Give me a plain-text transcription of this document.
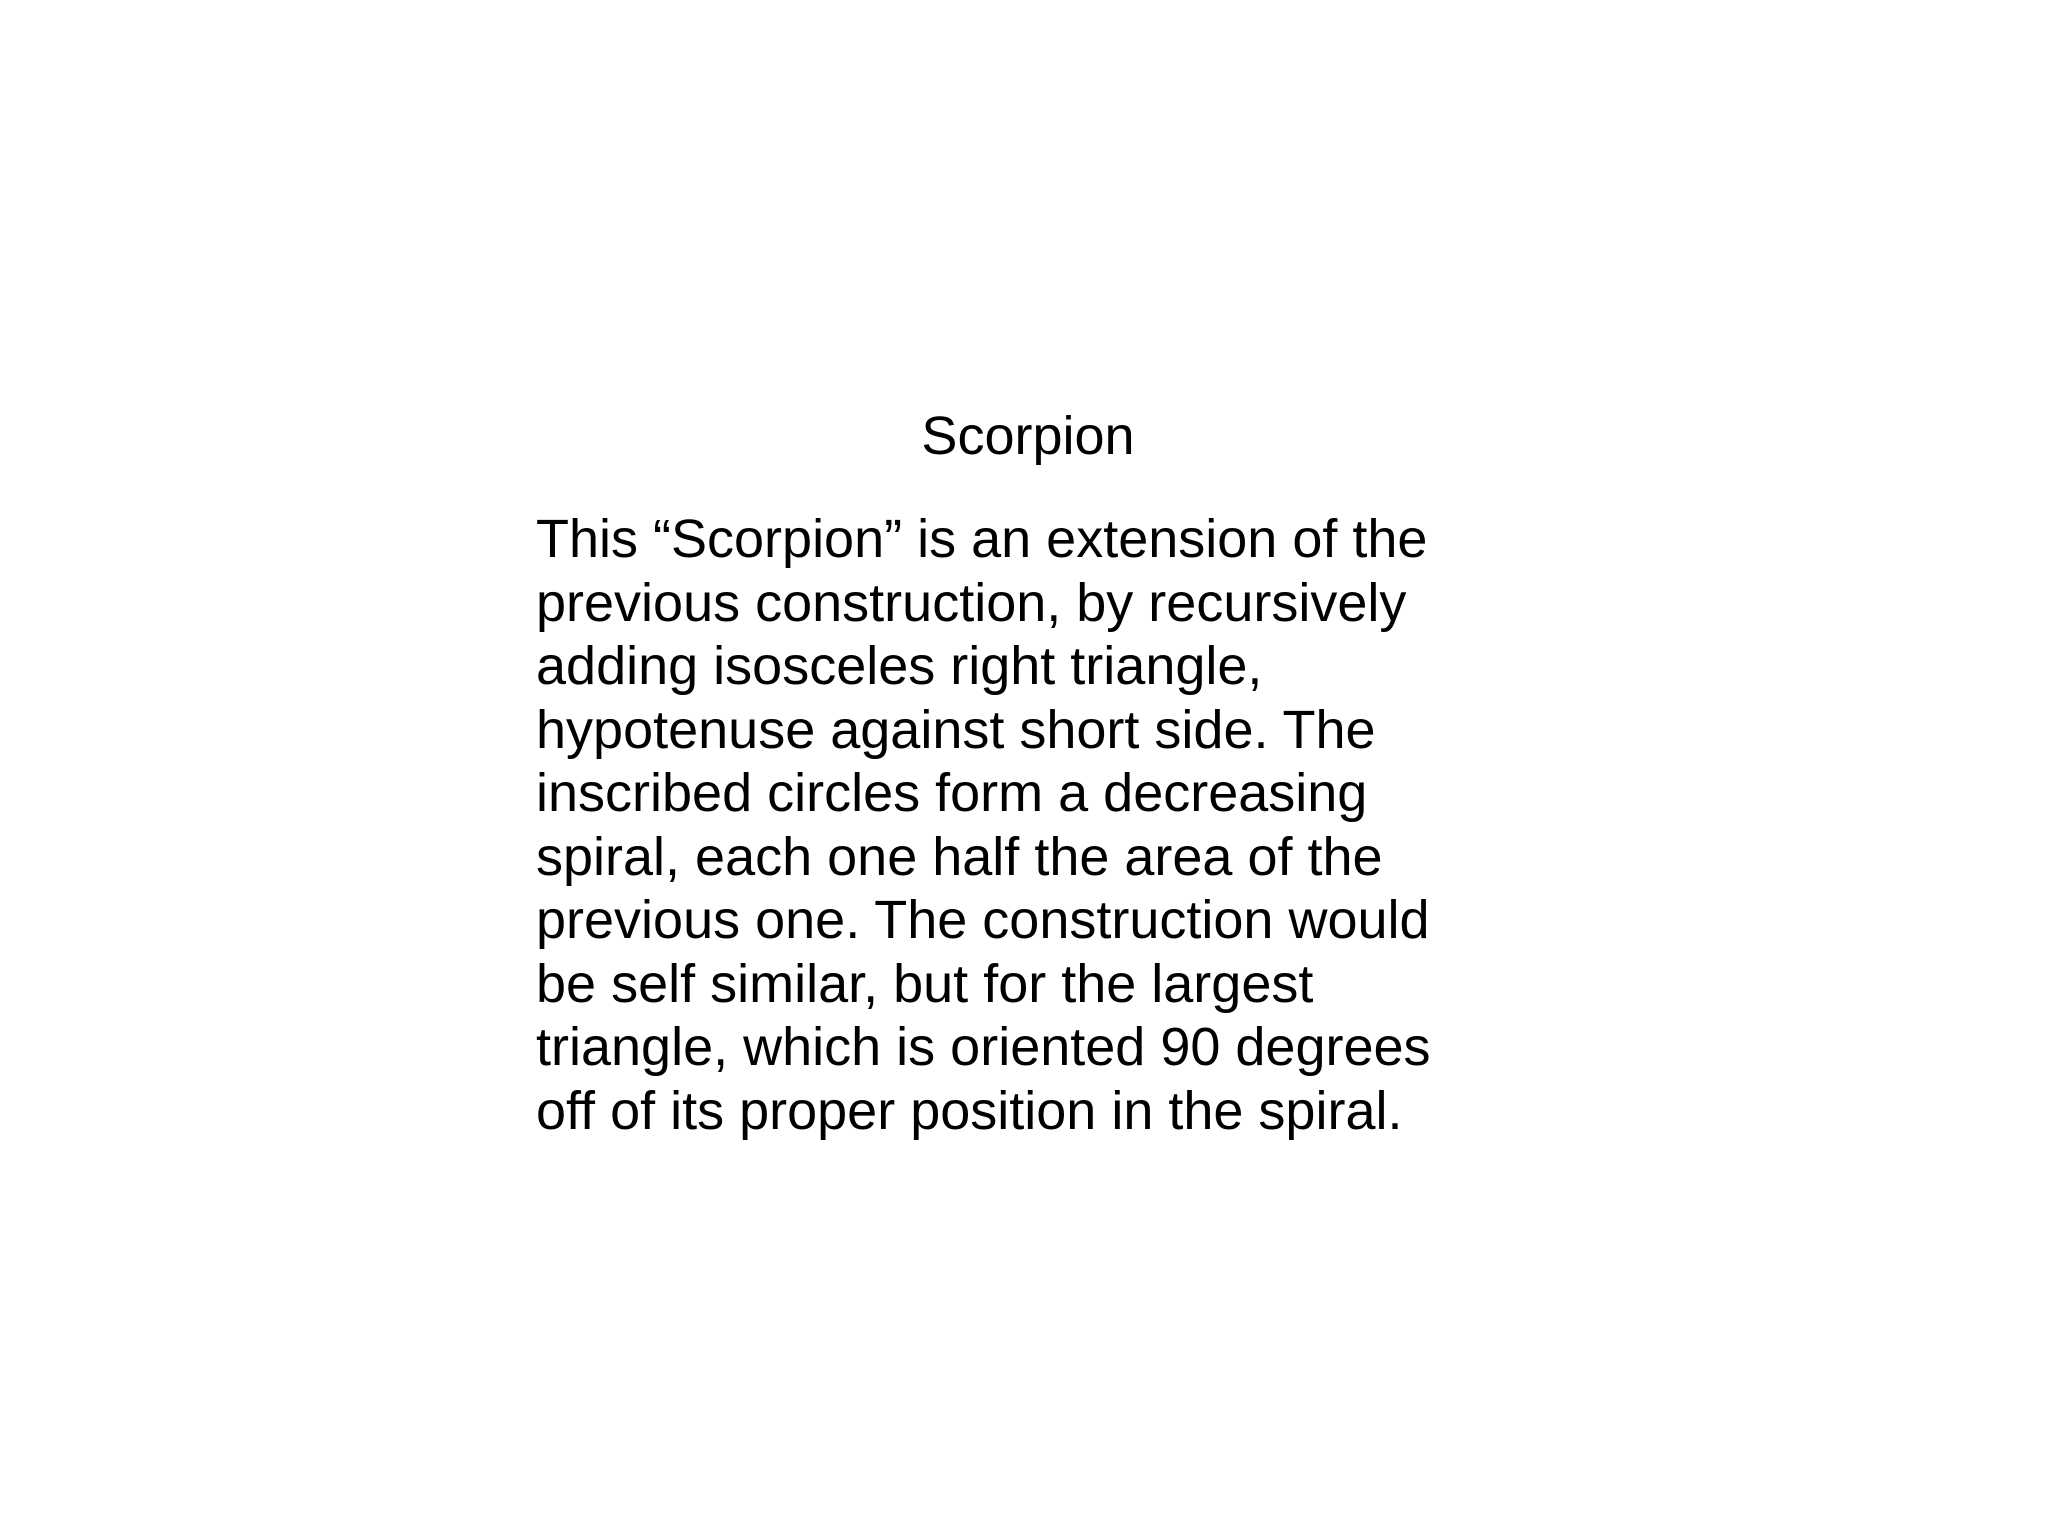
Scorpion

This “Scorpion” is an extension of the
previous construction, by recursively
adding isosceles right triangle,
hypotenuse against short side. The
inscribed circles form a decreasing
spiral, each one half the area of the
previous one. The construction would
be self similar, but for the largest
triangle, which is oriented 90 degrees
off of its proper position in the spiral.
